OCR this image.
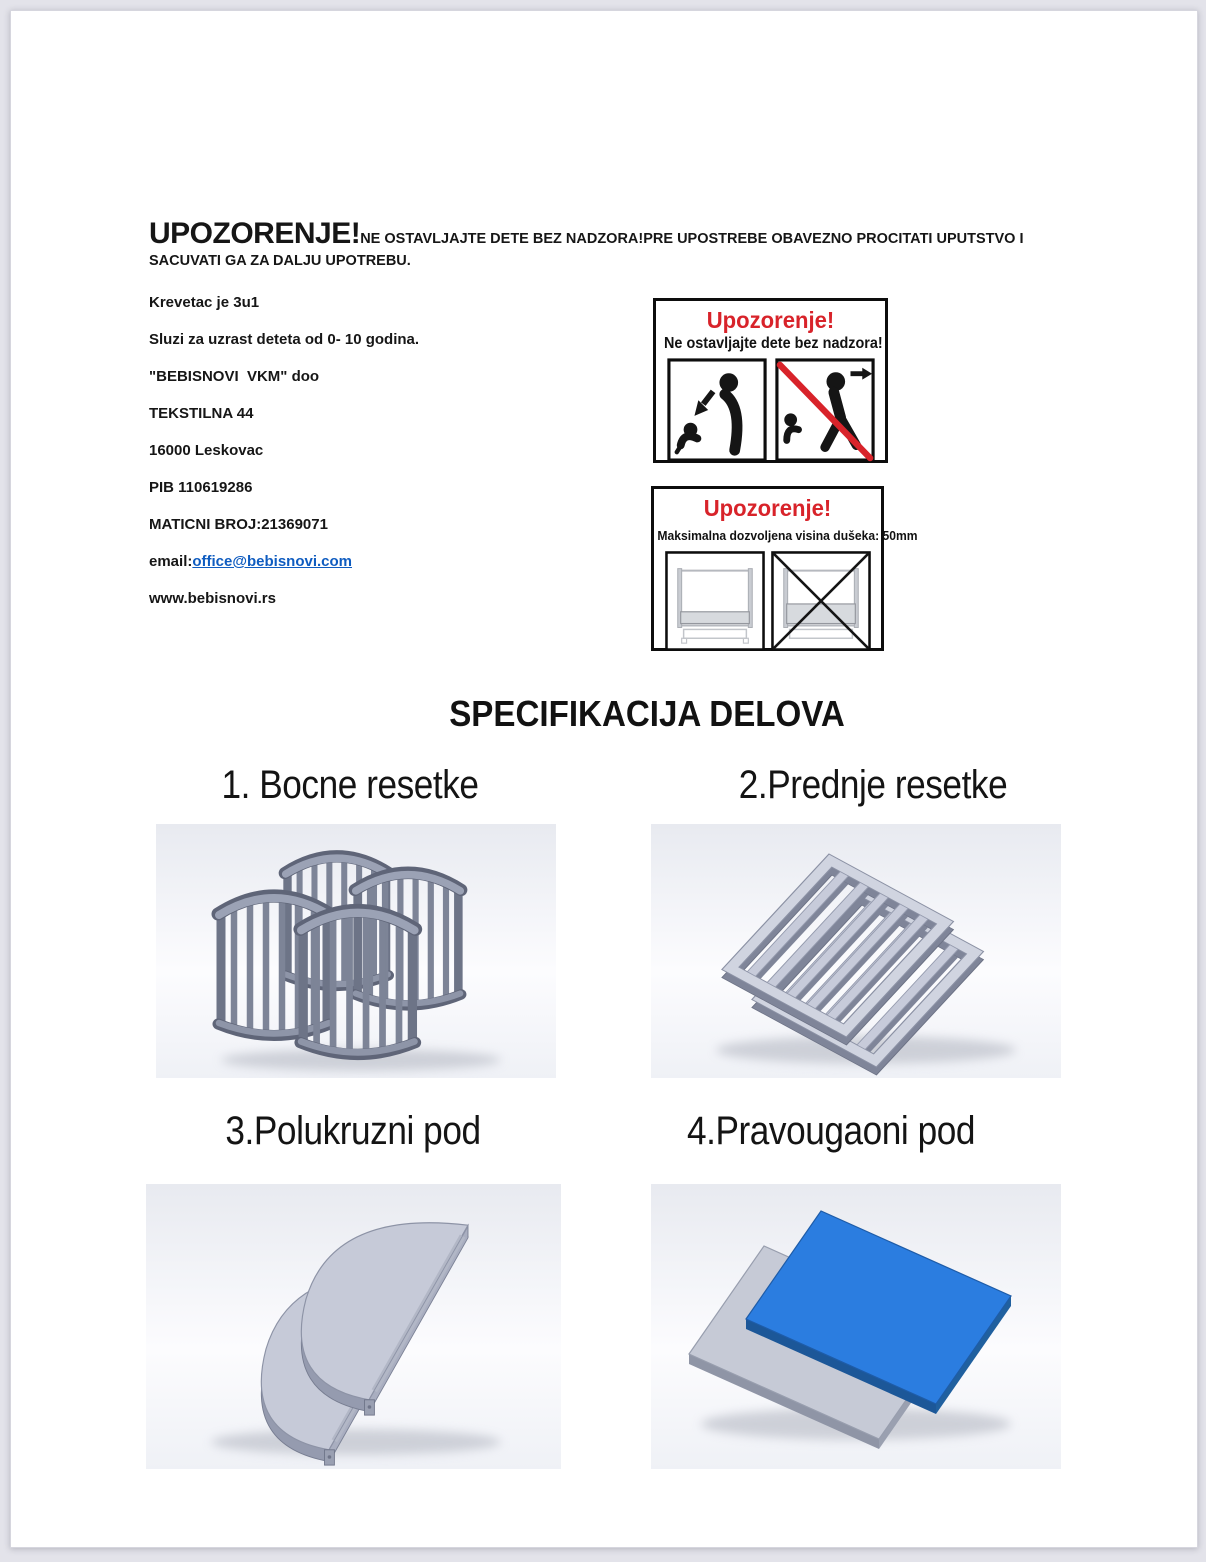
UPOZORENJE!NE OSTAVLJAJTE DETE BEZ NADZORA!PRE UPOSTREBE OBAVEZNO PROCITATI UPUTSTVO I SACUVATI GA ZA DALJU UPOTREBU.

Krevetac je 3u1
Sluzi za uzrast deteta od 0- 10 godina.
"BEBISNOVI  VKM" doo
TEKSTILNA 44
16000 Leskovac
PIB 110619286
MATICNI BROJ:21369071
email:office@bebisnovi.com
www.bebisnovi.rs
Upozorenje!
Ne ostavljajte dete bez nadzora!
Upozorenje!
Maksimalna dozvoljena visina dušeka: 50mm
SPECIFIKACIJA DELOVA

1. Bocne resetke	2.Prednje resetke

3.Polukruzni pod	4.Pravougaoni pod
